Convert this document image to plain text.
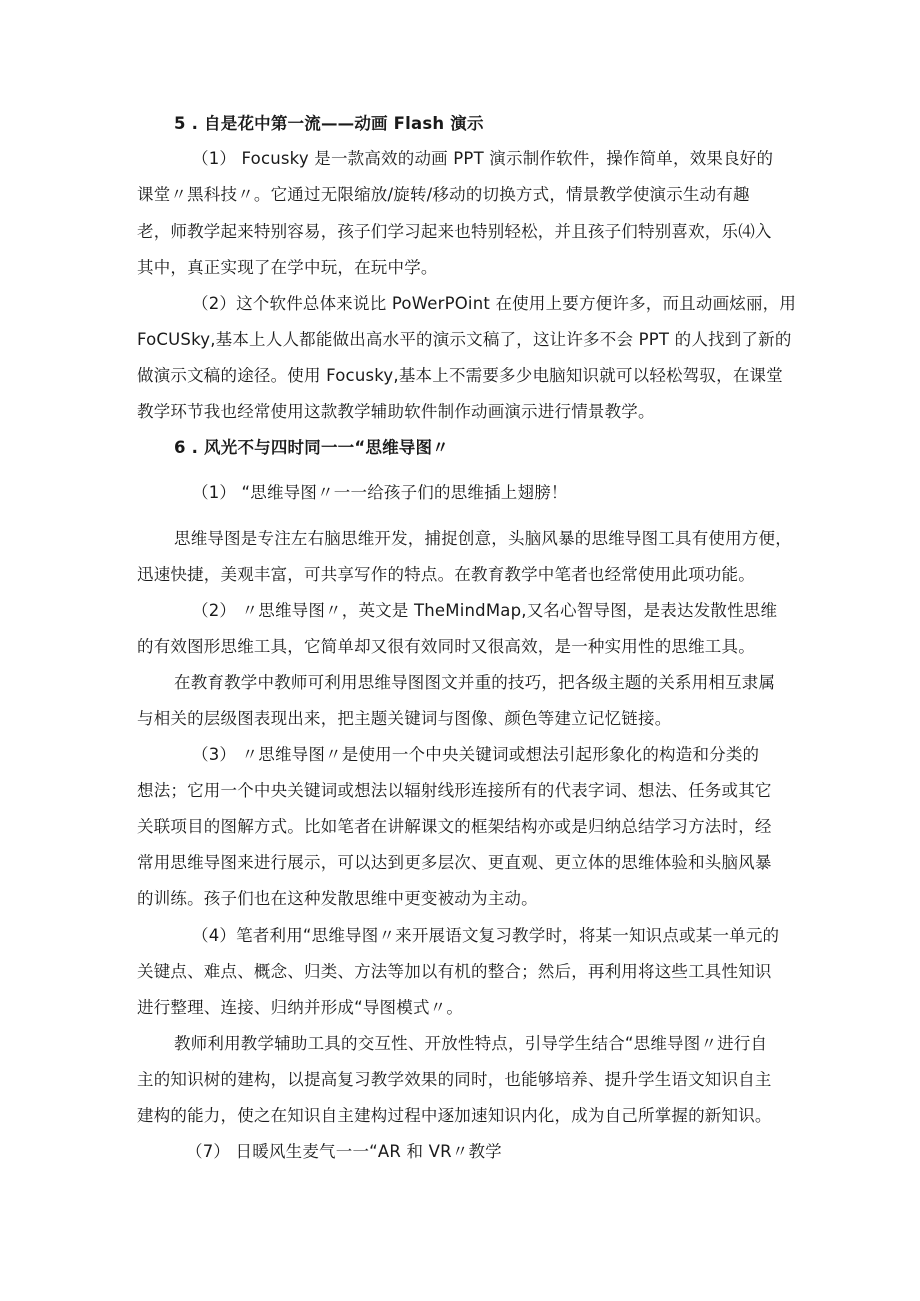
5 . 自是花中第一流——动画 Flash 演示
（1） Focusky 是一款高效的动画 PPT 演示制作软件，操作简单，效果良好的
课堂〃黑科技〃。它通过无限缩放/旋转/移动的切换方式，情景教学使演示生动有趣
老，师教学起来特别容易，孩子们学习起来也特别轻松，并且孩子们特别喜欢，乐⑷入
其中，真正实现了在学中玩，在玩中学。
（2）这个软件总体来说比 PoWerPOint 在使用上要方便许多，而且动画炫丽，用
FoCUSky,基本上人人都能做出高水平的演示文稿了，这让许多不会 PPT 的人找到了新的
做演示文稿的途径。使用 Focusky,基本上不需要多少电脑知识就可以轻松驾驭，在课堂
教学环节我也经常使用这款教学辅助软件制作动画演示进行情景教学。
6 . 风光不与四时同一一“思维导图〃
（1） “思维导图〃一一给孩子们的思维插上翅膀！
思维导图是专注左右脑思维开发，捕捉创意，头脑风暴的思维导图工具有使用方便，
迅速快捷，美观丰富，可共享写作的特点。在教育教学中笔者也经常使用此项功能。
（2） 〃思维导图〃，英文是 TheMindMap,又名心智导图，是表达发散性思维
的有效图形思维工具，它简单却又很有效同时又很高效，是一种实用性的思维工具。
在教育教学中教师可利用思维导图图文并重的技巧，把各级主题的关系用相互隶属
与相关的层级图表现出来，把主题关键词与图像、颜色等建立记忆链接。
（3） 〃思维导图〃是使用一个中央关键词或想法引起形象化的构造和分类的
想法；它用一个中央关键词或想法以辐射线形连接所有的代表字词、想法、任务或其它
关联项目的图解方式。比如笔者在讲解课文的框架结构亦或是归纳总结学习方法时，经
常用思维导图来进行展示，可以达到更多层次、更直观、更立体的思维体验和头脑风暴
的训练。孩子们也在这种发散思维中更变被动为主动。
（4）笔者利用“思维导图〃来开展语文复习教学时，将某一知识点或某一单元的
关键点、难点、概念、归类、方法等加以有机的整合；然后，再利用将这些工具性知识
进行整理、连接、归纳并形成“导图模式〃。
教师利用教学辅助工具的交互性、开放性特点，引导学生结合“思维导图〃进行自
主的知识树的建构，以提高复习教学效果的同时，也能够培养、提升学生语文知识自主
建构的能力，使之在知识自主建构过程中逐加速知识内化，成为自己所掌握的新知识。
（7） 日暖风生麦气一一“AR 和 VR〃教学
